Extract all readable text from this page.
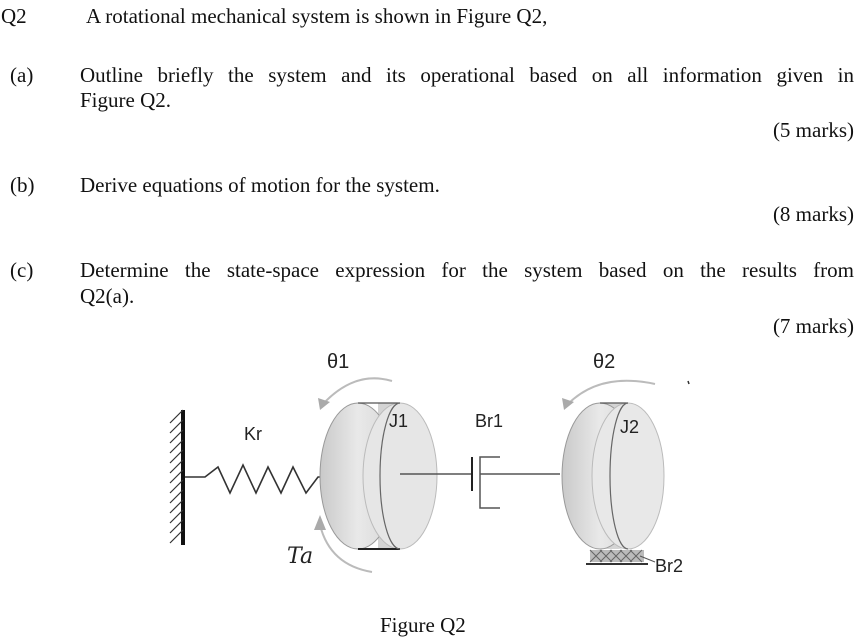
Q2	A rotational mechanical system is shown in Figure Q2,
(a) Outline briefly the system and its operational based on all information given in
Figure Q2.
(5 marks)
(b) Derive equations of motion for the system.
(8 marks)
(c) Determine the state-space expression for the system based on the results from
Q2(a).
(7 marks)
θ1	θ2
Kr
J1	Br1	J2
Br2
Ta
Figure Q2
